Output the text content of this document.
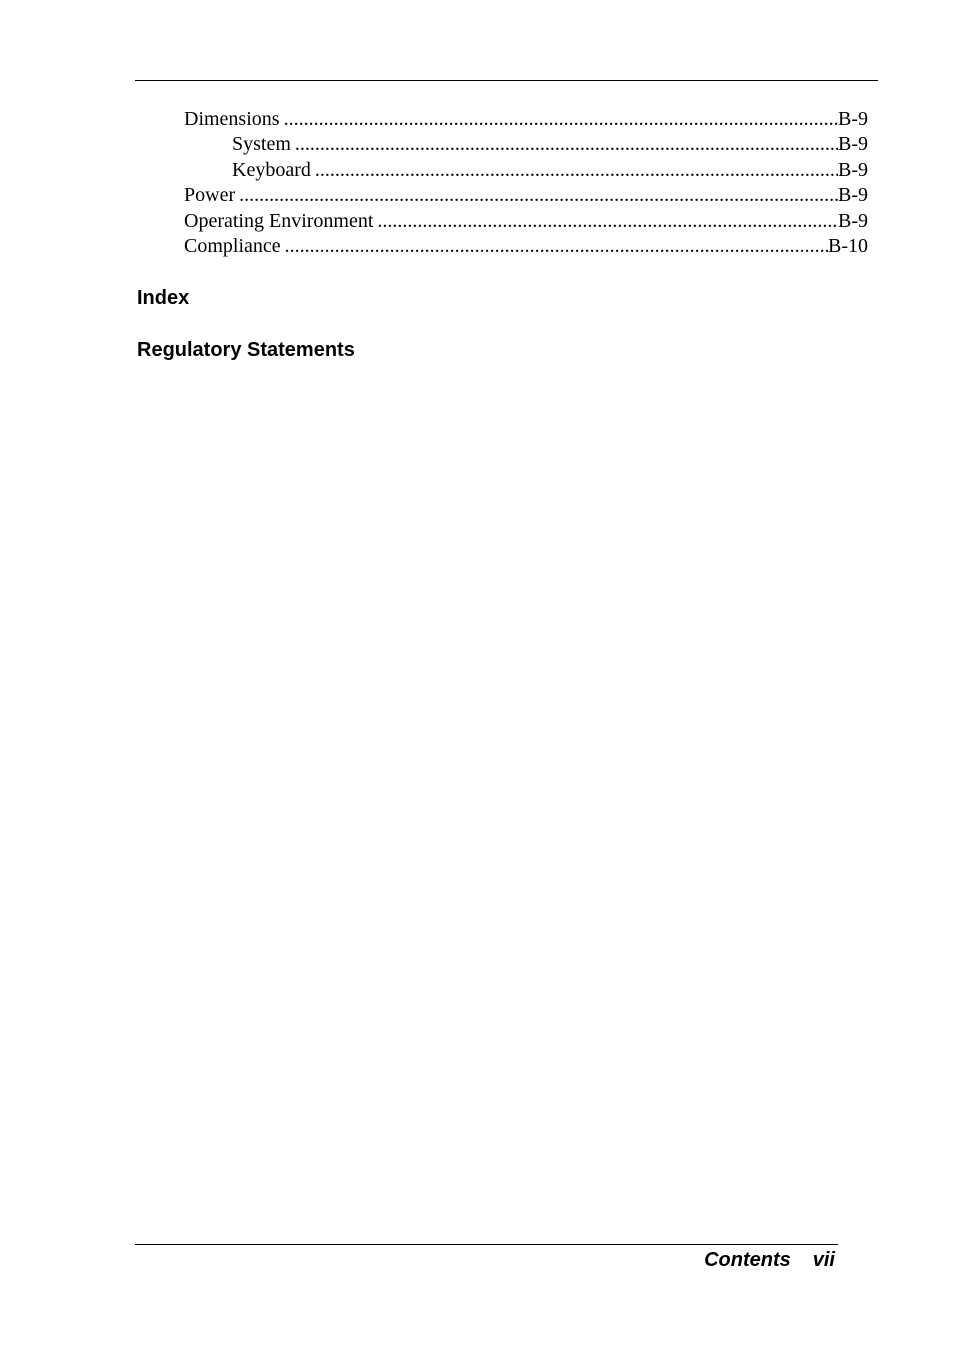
Dimensions .....	B-9
System .....	B-9
Keyboard .....	B-9
Power .....	B-9
Operating Environment .....	B-9
Compliance .....	B-10
Index
Regulatory Statements
Contents vii
